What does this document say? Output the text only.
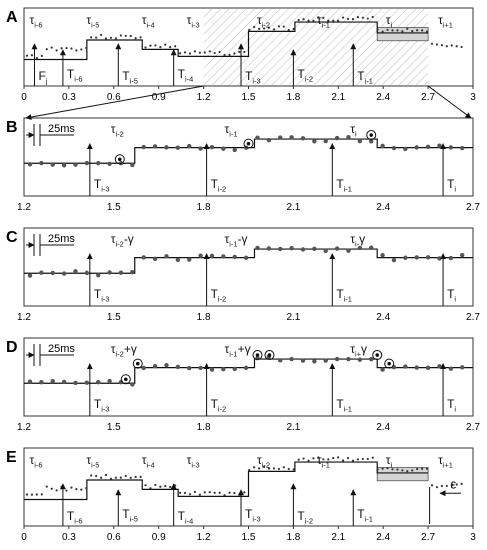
A $\tau_{i-6}$	$\tau_{i-5}$	$\tau_{i-4}$	$\tau_{i-3}$	$\tau_{i-2}$	$\tau_{i-1}$	$\tau_i$	$\tau_{i+1}$
$F_j$ $T_{i-6}$	$T_{i-5}$	$T_{i-4}$	$T_{i-3}$	$T_{i-2}$	$T_{i-1}$
0	0.3	0.6	0.9	1.2	1.5	1.8	2.1	2.4	2.7	3
B	$\tau_{i-2}$	$\tau_{i-1}$	$\tau_i$
25ms
$T_{i-3}$	$T_{i-2}$	$T_{i-1}$	$T_i$
1.2	1.5	1.8	2.1	2.4	2.7
C	$\tau_{i-2}-\gamma$	$\tau_{i-1}-\gamma$	$\tau_{i-}\gamma$
25ms
$T_{i-3}$	$T_{i-2}$	$T_{i-1}$	$T_i$
1.2	1.5	1.8	2.1	2.4	2.7
D	$\tau_{i-2}+\gamma$	$\tau_{i-1}+\gamma$	$\tau_{i+}\gamma$
25ms
$T_{i-3}$	$T_{i-2}$	$T_{i-1}$	$T_i$
1.2	1.5	1.8	2.1	2.4	2.7
E $\tau_{i-6}$	$\tau_{i-5}$	$\tau_{i-4}$	$\tau_{i-3}$	$\tau_{i-2}$	$\tau_{i-1}$	$\tau_i$	$\tau_{i+1}$
$T_{i-6}$	$T_{i-5}$	$T_{i-4}$	$T_{i-3}$	$T_{i-2}$	$T_{i-1}$
0	0.3	0.6	0.9	1.2	1.5	1.8	2.1	2.4	2.7	3
ε
